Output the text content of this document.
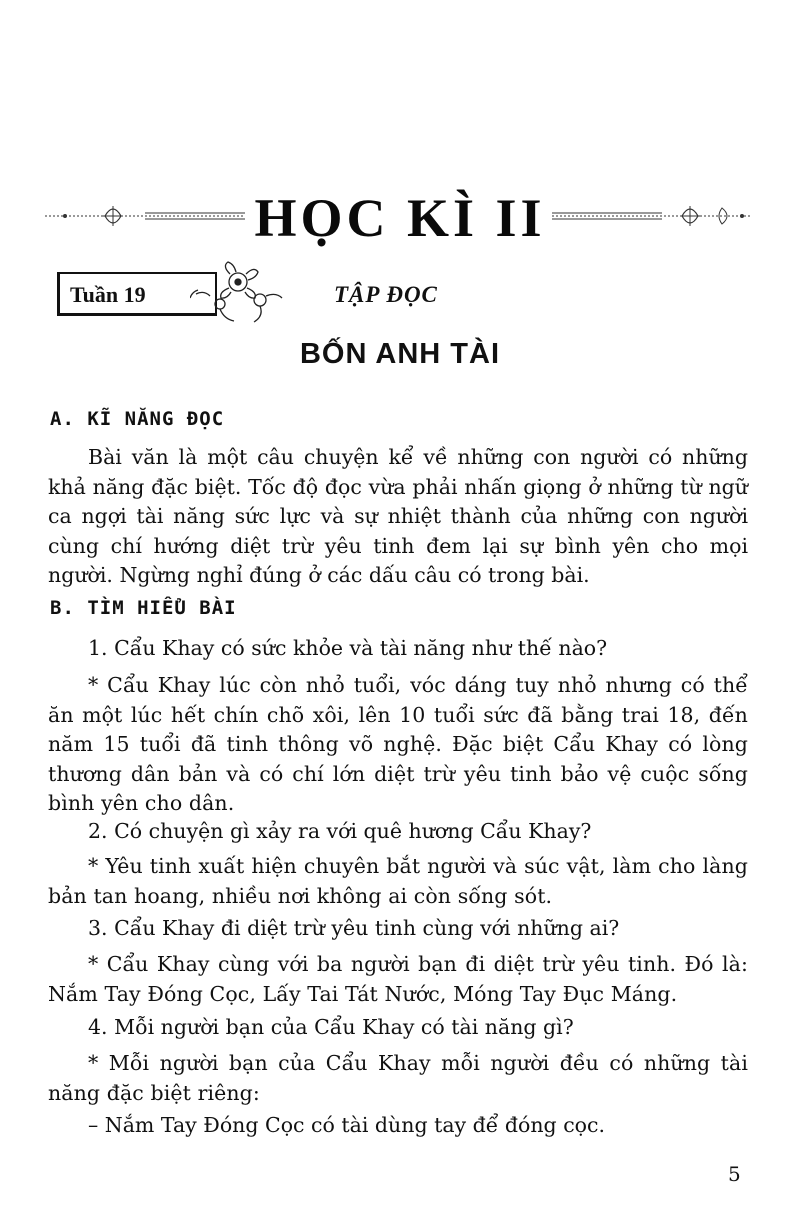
HỌC KÌ II
Tuần 19	TẬP ĐỌC
BỐN ANH TÀI
A. KĨ NĂNG ĐỌC
Bài văn là một câu chuyện kể về những con người có những khả năng đặc biệt. Tốc độ đọc vừa phải nhấn giọng ở những từ ngữ ca ngợi tài năng sức lực và sự nhiệt thành của những con người cùng chí hướng diệt trừ yêu tinh đem lại sự bình yên cho mọi người. Ngừng nghỉ đúng ở các dấu câu có trong bài.
B. TÌM HIỂU BÀI
1. Cẩu Khay có sức khỏe và tài năng như thế nào?
* Cẩu Khay lúc còn nhỏ tuổi, vóc dáng tuy nhỏ nhưng có thể ăn một lúc hết chín chõ xôi, lên 10 tuổi sức đã bằng trai 18, đến năm 15 tuổi đã tinh thông võ nghệ. Đặc biệt Cẩu Khay có lòng thương dân bản và có chí lớn diệt trừ yêu tinh bảo vệ cuộc sống bình yên cho dân.
2. Có chuyện gì xảy ra với quê hương Cẩu Khay?
* Yêu tinh xuất hiện chuyên bắt người và súc vật, làm cho làng bản tan hoang, nhiều nơi không ai còn sống sót.
3. Cẩu Khay đi diệt trừ yêu tinh cùng với những ai?
* Cẩu Khay cùng với ba người bạn đi diệt trừ yêu tinh. Đó là: Nắm Tay Đóng Cọc, Lấy Tai Tát Nước, Móng Tay Đục Máng.
4. Mỗi người bạn của Cẩu Khay có tài năng gì?
* Mỗi người bạn của Cẩu Khay mỗi người đều có những tài năng đặc biệt riêng:
– Nắm Tay Đóng Cọc có tài dùng tay để đóng cọc.
5
